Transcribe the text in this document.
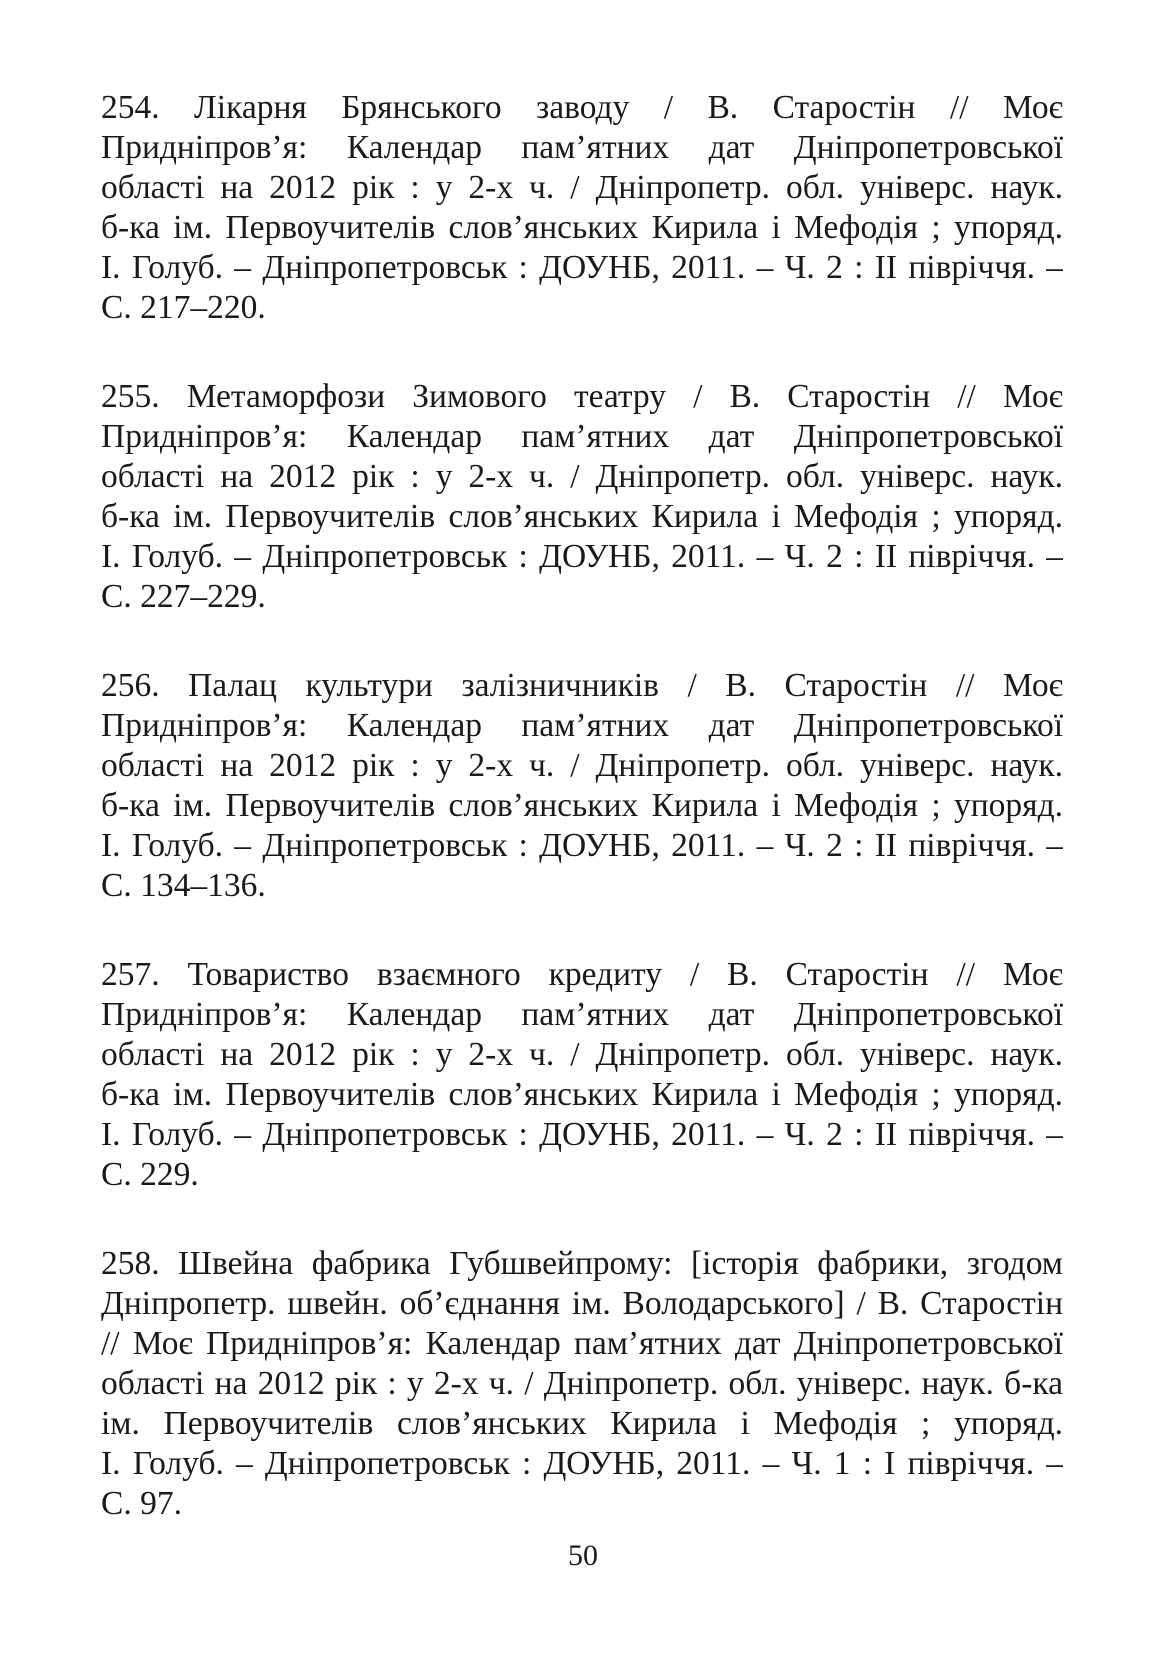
254. Лікарня Брянського заводу / В. Старостін // Моє
Придніпров’я: Календар пам’ятних дат Дніпропетровської
області на 2012 рік : у 2-х ч. / Дніпропетр. обл. універс. наук.
б-ка ім. Первоучителів слов’янських Кирила і Мефодія ; упоряд.
І. Голуб. – Дніпропетровськ : ДОУНБ, 2011. – Ч. 2 : ІІ півріччя. –
С. 217–220.
255. Метаморфози Зимового театру / В. Старостін // Моє
Придніпров’я: Календар пам’ятних дат Дніпропетровської
області на 2012 рік : у 2-х ч. / Дніпропетр. обл. універс. наук.
б-ка ім. Первоучителів слов’янських Кирила і Мефодія ; упоряд.
І. Голуб. – Дніпропетровськ : ДОУНБ, 2011. – Ч. 2 : ІІ півріччя. –
С. 227–229.
256. Палац культури залізничників / В. Старостін // Моє
Придніпров’я: Календар пам’ятних дат Дніпропетровської
області на 2012 рік : у 2-х ч. / Дніпропетр. обл. універс. наук.
б-ка ім. Первоучителів слов’янських Кирила і Мефодія ; упоряд.
І. Голуб. – Дніпропетровськ : ДОУНБ, 2011. – Ч. 2 : ІІ півріччя. –
С. 134–136.
257. Товариство взаємного кредиту / В. Старостін // Моє
Придніпров’я: Календар пам’ятних дат Дніпропетровської
області на 2012 рік : у 2-х ч. / Дніпропетр. обл. універс. наук.
б-ка ім. Первоучителів слов’янських Кирила і Мефодія ; упоряд.
І. Голуб. – Дніпропетровськ : ДОУНБ, 2011. – Ч. 2 : ІІ півріччя. –
С. 229.
258. Швейна фабрика Губшвейпрому: [історія фабрики, згодом
Дніпропетр. швейн. об’єднання ім. Володарського] / В. Старостін
// Моє Придніпров’я: Календар пам’ятних дат Дніпропетровської
області на 2012 рік : у 2-х ч. / Дніпропетр. обл. універс. наук. б-ка
ім. Первоучителів слов’янських Кирила і Мефодія ; упоряд.
І. Голуб. – Дніпропетровськ : ДОУНБ, 2011. – Ч. 1 : І півріччя. –
С. 97.
50
